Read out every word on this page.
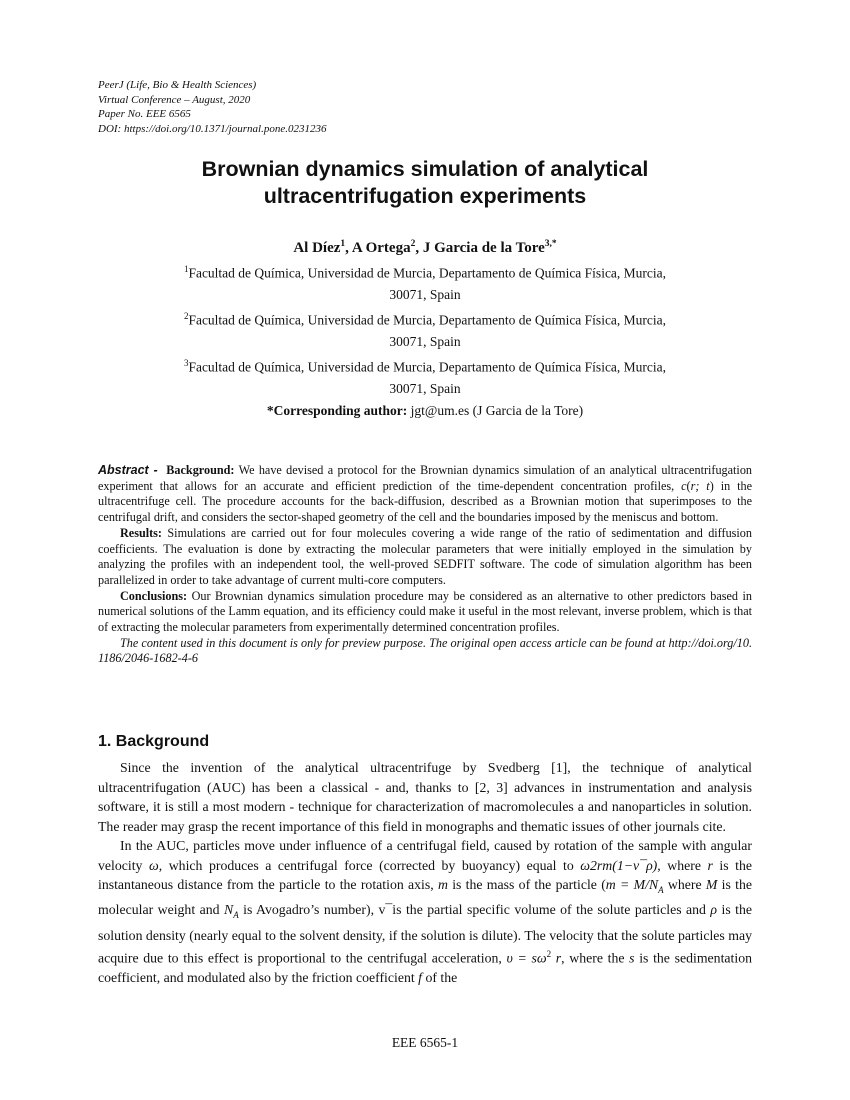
PeerJ (Life, Bio & Health Sciences)
Virtual Conference – August, 2020
Paper No. EEE 6565
DOI: https://doi.org/10.1371/journal.pone.0231236
Brownian dynamics simulation of analytical
ultracentrifugation experiments
Al Díez$^1$, A Ortega$^2$, J Garcia de la Tore$^{3,*}$
$^1$Facultad de Química, Universidad de Murcia, Departamento de Química Física, Murcia,
30071, Spain
$^2$Facultad de Química, Universidad de Murcia, Departamento de Química Física, Murcia,
30071, Spain
$^3$Facultad de Química, Universidad de Murcia, Departamento de Química Física, Murcia,
30071, Spain
*Corresponding author: jgt@um.es (J Garcia de la Tore)

Abstract - Background: We have devised a protocol for the Brownian dynamics simulation of an analytical ultracentrifugation experiment that allows for an accurate and efficient prediction of the time-dependent concentration profiles, c(r; t) in the ultracentrifuge cell. The procedure accounts for the back-diffusion, described as a Brownian motion that superimposes to the centrifugal drift, and considers the sector-shaped geometry of the cell and the boundaries imposed by the meniscus and bottom.

Results: Simulations are carried out for four molecules covering a wide range of the ratio of sedimentation and diffusion coefficients. The evaluation is done by extracting the molecular parameters that were initially employed in the simulation by analyzing the profiles with an independent tool, the well-proved SEDFIT software. The code of simulation algorithm has been parallelized in order to take advantage of current multi-core computers.

Conclusions: Our Brownian dynamics simulation procedure may be considered as an alternative to other predictors based in numerical solutions of the Lamm equation, and its efficiency could make it useful in the most relevant, inverse problem, which is that of extracting the molecular parameters from experimentally determined concentration profiles.

The content used in this document is only for preview purpose. The original open access article can be found at http://doi.org/10.1186/2046-1682-4-6

1. Background

Since the invention of the analytical ultracentrifuge by Svedberg [1], the technique of analytical ultracentrifugation (AUC) has been a classical - and, thanks to [2, 3] advances in instrumentation and analysis software, it is still a most modern - technique for characterization of macromolecules a and nanoparticles in solution. The reader may grasp the recent importance of this field in monographs and thematic issues of other journals cite.

In the AUC, particles move under influence of a centrifugal field, caused by rotation of the sample with angular velocity ω, which produces a centrifugal force (corrected by buoyancy) equal to ω2rm(1−v¯ρ), where r is the instantaneous distance from the particle to the rotation axis, m is the mass of the particle ($m = M/N_A$ where M is the molecular weight and $N_A$ is Avogadro’s number), v¯is the partial specific volume of the solute particles and ρ is the solution density (nearly equal to the solvent density, if the solution is dilute). The velocity that the solute particles may acquire due to this effect is proportional to the centrifugal acceleration, $\upsilon = s\omega^2$ r, where the s is the sedimentation coefficient, and modulated also by the friction coefficient f of the

EEE 6565-1
